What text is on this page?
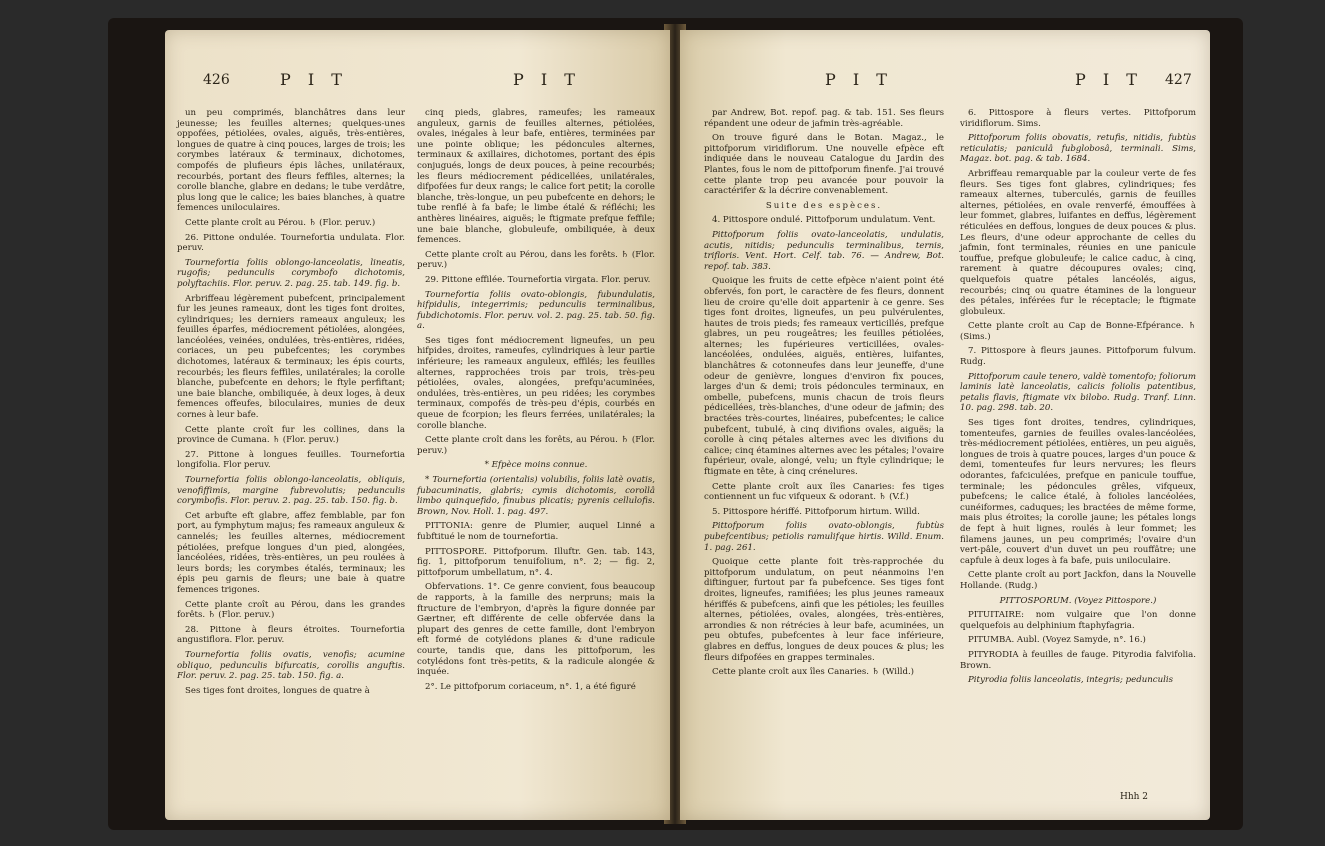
426	P I T	P I T

un peu comprimés, blanchâtres dans leur jeunesse; les feuilles alternes; quelques-unes oppofées, pétiolées, ovales, aiguës, très-entières, longues de quatre à cinq pouces, larges de trois; les corymbes latéraux & terminaux, dichotomes, compofés de plufieurs épis lâches, unilatéraux, recourbés, portant des fleurs feffiles, alternes; la corolle blanche, glabre en dedans; le tube verdâtre, plus long que le calice; les baies blanches, à quatre femences uniloculaires.

Cette plante croît au Pérou. ♄ (Flor. peruv.)

26. Pittone ondulée. Tournefortia undulata. Flor. peruv.

Tournefortia foliis oblongo-lanceolatis, lineatis, rugofis; pedunculis corymbofo dichotomis, polyftachiis. Flor. peruv. 2. pag. 25. tab. 149. fig. b.

Arbriffeau légèrement pubefcent, principalement fur les jeunes rameaux, dont les tiges font droites, cylindriques; les derniers rameaux anguleux; les feuilles éparfes, médiocrement pétiolées, alongées, lancéolées, veinées, ondulées, très-entières, ridées, coriaces, un peu pubefcentes; les corymbes dichotomes, latéraux & terminaux; les épis courts, recourbés; les fleurs feffiles, unilatérales; la corolle blanche, pubefcente en dehors; le ftyle perfiftant; une baie blanche, ombiliquée, à deux loges, à deux femences offeufes, biloculaires, munies de deux cornes à leur bafe.

Cette plante croît fur les collines, dans la province de Cumana. ♄ (Flor. peruv.)

27. Pittone à longues feuilles. Tournefortia longifolia. Flor peruv.

Tournefortia foliis oblongo-lanceolatis, obliquis, venofiffimis, margine fubrevolutis; pedunculis corymbofis. Flor. peruv. 2. pag. 25. tab. 150. fig. b.

Cet arbufte eft glabre, affez femblable, par fon port, au fymphytum majus; fes rameaux anguleux & cannelés; les feuilles alternes, médiocrement pétiolées, prefque longues d'un pied, alongées, lancéolées, ridées, très-entières, un peu roulées à leurs bords; les corymbes étalés, terminaux; les épis peu garnis de fleurs; une baie à quatre femences trigones.

Cette plante croît au Pérou, dans les grandes forêts. ♄ (Flor. peruv.)

28. Pittone à fleurs étroites. Tournefortia angustiflora. Flor. peruv.

Tournefortia foliis ovatis, venofis; acumine obliquo, pedunculis bifurcatis, corollis anguftis. Flor. peruv. 2. pag. 25. tab. 150. fig. a.

Ses tiges font droites, longues de quatre à

cinq pieds, glabres, rameufes; les rameaux anguleux, garnis de feuilles alternes, pétiolées, ovales, inégales à leur bafe, entières, terminées par une pointe oblique; les pédoncules alternes, terminaux & axillaires, dichotomes, portant des épis conjugués, longs de deux pouces, à peine recourbés; les fleurs médiocrement pédicellées, unilatérales, difpofées fur deux rangs; le calice fort petit; la corolle blanche, très-longue, un peu pubefcente en dehors; le tube renflé à fa bafe; le limbe étalé & réfléchi; les anthères linéaires, aiguës; le ftigmate prefque feffile; une baie blanche, globuleufe, ombiliquée, à deux femences.

Cette plante croît au Pérou, dans les forêts. ♄ (Flor. peruv.)

29. Pittone effilée. Tournefortia virgata. Flor. peruv.

Tournefortia foliis ovato-oblongis, fubundulatis, hifpidulis, integerrimis; pedunculis terminalibus, fubdichotomis. Flor. peruv. vol. 2. pag. 25. tab. 50. fig. a.

Ses tiges font médiocrement ligneufes, un peu hifpides, droites, rameufes, cylindriques à leur partie inférieure; les rameaux anguleux, effilés; les feuilles alternes, rapprochées trois par trois, très-peu pétiolées, ovales, alongées, prefqu'acuminées, ondulées, très-entières, un peu ridées; les corymbes terminaux, compofés de très-peu d'épis, courbés en queue de fcorpion; les fleurs ferrées, unilatérales; la corolle blanche.

Cette plante croît dans les forêts, au Pérou. ♄ (Flor. peruv.)

* Efpèce moins connue.

* Tournefortia (orientalis) volubilis, foliis latè ovatis, fubacuminatis, glabris; cymis dichotomis, corollâ limbo quinquefido, finubus plicatis; pyrenis cellulofis. Brown, Nov. Holl. 1. pag. 497.

PITTONIA: genre de Plumier, auquel Linné a fubftitué le nom de tournefortia.

PITTOSPORE. Pittofporum. Illuftr. Gen. tab. 143, fig. 1, pittofporum tenuifolium, n°. 2; — fig. 2, pittofporum umbellatum, n°. 4.

Obfervations. 1°. Ce genre convient, fous beaucoup de rapports, à la famille des nerpruns; mais la ftructure de l'embryon, d'après la figure donnée par Gærtner, eft différente de celle obfervée dans la plupart des genres de cette famille, dont l'embryon eft formé de cotylédons planes & d'une radicule courte, tandis que, dans les pittofporum, les cotylédons font très-petits, & la radicule alongée & inquée.

2°. Le pittofporum coriaceum, n°. 1, a été figuré

P I T	P I T 427

par Andrew, Bot. repof. pag. & tab. 151. Ses fleurs répandent une odeur de jafmin très-agréable.

On trouve figuré dans le Botan. Magaz., le pittofporum viridiflorum. Une nouvelle efpèce eft indiquée dans le nouveau Catalogue du Jardin des Plantes, fous le nom de pittofporum finenfe. J'ai trouvé cette plante trop peu avancée pour pouvoir la caractérifer & la décrire convenablement.

Suite des espèces.

4. Pittospore ondulé. Pittofporum undulatum. Vent.

Pittofporum foliis ovato-lanceolatis, undulatis, acutis, nitidis; pedunculis terminalibus, ternis, trifloris. Vent. Hort. Celf. tab. 76. — Andrew, Bot. repof. tab. 383.

Quoique les fruits de cette efpèce n'aient point été obfervés, fon port, le caractère de fes fleurs, donnent lieu de croire qu'elle doit appartenir à ce genre. Ses tiges font droites, ligneufes, un peu pulvérulentes, hautes de trois pieds; fes rameaux verticillés, prefque glabres, un peu rougeâtres; les feuilles pétiolées, alternes; les fupérieures verticillées, ovales-lancéolées, ondulées, aiguës, entières, luifantes, blanchâtres & cotonneufes dans leur jeuneffe, d'une odeur de genièvre, longues d'environ fix pouces, larges d'un & demi; trois pédoncules terminaux, en ombelle, pubefcens, munis chacun de trois fleurs pédicellées, très-blanches, d'une odeur de jafmin; des bractées très-courtes, linéaires, pubefcentes; le calice pubefcent, tubulé, à cinq divifions ovales, aiguës; la corolle à cinq pétales alternes avec les divifions du calice; cinq étamines alternes avec les pétales; l'ovaire fupérieur, ovale, alongé, velu; un ftyle cylindrique; le ftigmate en tête, à cinq crénelures.

Cette plante croît aux îles Canaries: fes tiges contiennent un fuc vifqueux & odorant. ♄ (V.f.)

5. Pittospore hériffé. Pittofporum hirtum. Willd.

Pittofporum foliis ovato-oblongis, fubtùs pubefcentibus; petiolis ramulifque hirtis. Willd. Enum. 1. pag. 261.

Quoique cette plante foit très-rapprochée du pittofporum undulatum, on peut néanmoins l'en diftinguer, furtout par fa pubefcence. Ses tiges font droites, ligneufes, ramifiées; les plus jeunes rameaux hériffés & pubefcens, ainfi que les pétioles; les feuilles alternes, pétiolées, ovales, alongées, très-entières, arrondies & non rétrécies à leur bafe, acuminées, un peu obtufes, pubefcentes à leur face inférieure, glabres en deffus, longues de deux pouces & plus; les fleurs difpofées en grappes terminales.

Cette plante croît aux îles Canaries. ♄ (Willd.)

6. Pittospore à fleurs vertes. Pittofporum viridiflorum. Sims.

Pittofporum foliis obovatis, retufis, nitidis, fubtùs reticulatis; paniculâ fubglobosâ, terminali. Sims, Magaz. bot. pag. & tab. 1684.

Arbriffeau remarquable par la couleur verte de fes fleurs. Ses tiges font glabres, cylindriques; fes rameaux alternes, tuberculés, garnis de feuilles alternes, pétiolées, en ovale renverfé, émouffées à leur fommet, glabres, luifantes en deffus, légèrement réticulées en deffous, longues de deux pouces & plus. Les fleurs, d'une odeur approchante de celles du jafmin, font terminales, réunies en une panicule touffue, prefque globuleufe; le calice caduc, à cinq, rarement à quatre découpures ovales; cinq, quelquefois quatre pétales lancéolés, aigus, recourbés; cinq ou quatre étamines de la longueur des pétales, inférées fur le réceptacle; le ftigmate globuleux.

Cette plante croît au Cap de Bonne-Efpérance. ♄ (Sims.)

7. Pittospore à fleurs jaunes. Pittofporum fulvum. Rudg.

Pittofporum caule tenero, valdè tomentofo; foliorum laminis latè lanceolatis, calicis foliolis patentibus, petalis flavis, ftigmate vix bilobo. Rudg. Tranf. Linn. 10. pag. 298. tab. 20.

Ses tiges font droites, tendres, cylindriques, tomenteufes, garnies de feuilles ovales-lancéolées, très-médiocrement pétiolées, entières, un peu aiguës, longues de trois à quatre pouces, larges d'un pouce & demi, tomenteufes fur leurs nervures; les fleurs odorantes, fafciculées, prefque en panicule touffue, terminale; les pédoncules grêles, vifqueux, pubefcens; le calice étalé, à folioles lancéolées, cunéiformes, caduques; les bractées de même forme, mais plus étroites; la corolle jaune; les pétales longs de fept à huit lignes, roulés à leur fommet; les filamens jaunes, un peu comprimés; l'ovaire d'un vert-pâle, couvert d'un duvet un peu rouffâtre; une capfule à deux loges à fa bafe, puis uniloculaire.

Cette plante croît au port Jackfon, dans la Nouvelle Hollande. (Rudg.)

PITTOSPORUM. (Voyez Pittospore.)

PITUITAIRE: nom vulgaire que l'on donne quelquefois au delphinium ftaphyfagria.

PITUMBA. Aubl. (Voyez Samyde, n°. 16.)

PITYRODIA à feuilles de fauge. Pityrodia falvifolia. Brown.

Pityrodia foliis lanceolatis, integris; pedunculis

Hhh 2
